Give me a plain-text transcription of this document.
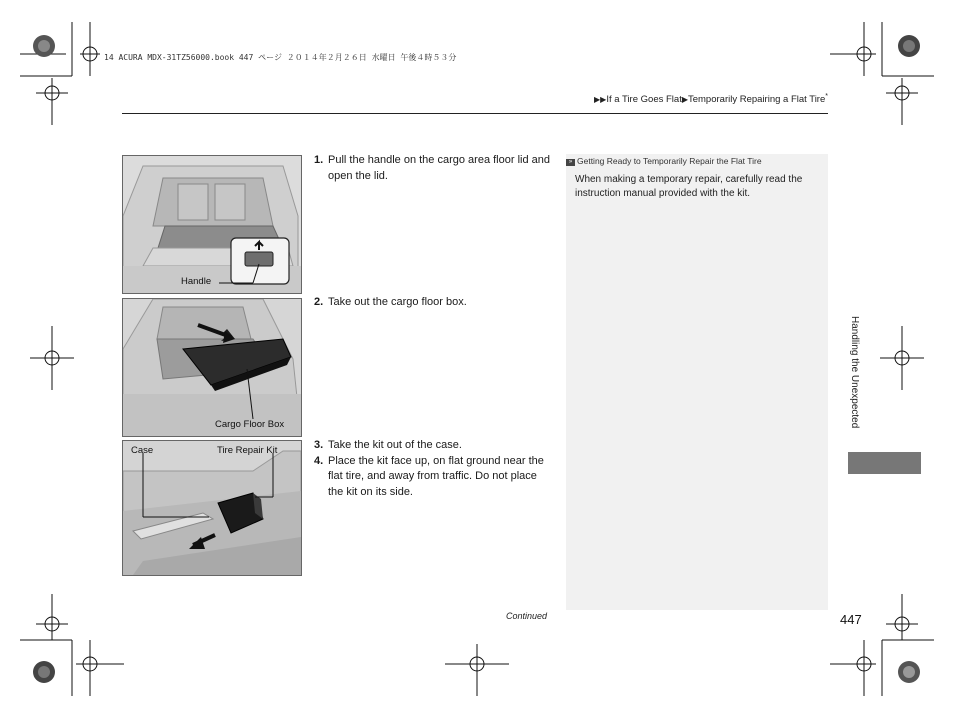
14 ACURA MDX-31TZ56000.book 447 ページ ２０１４年２月２６日 水曜日 午後４時５３分
▶▶If a Tire Goes Flat▶Temporarily Repairing a Flat Tire*
Handle
Cargo Floor Box
Case	Tire Repair Kit
1. Pull the handle on the cargo area floor lid and open the lid.
2. Take out the cargo floor box.
3. Take the kit out of the case.
4. Place the kit face up, on flat ground near the flat tire, and away from traffic. Do not place the kit on its side.
» Getting Ready to Temporarily Repair the Flat Tire
When making a temporary repair, carefully read the instruction manual provided with the kit.
Handling the Unexpected
Continued	447
